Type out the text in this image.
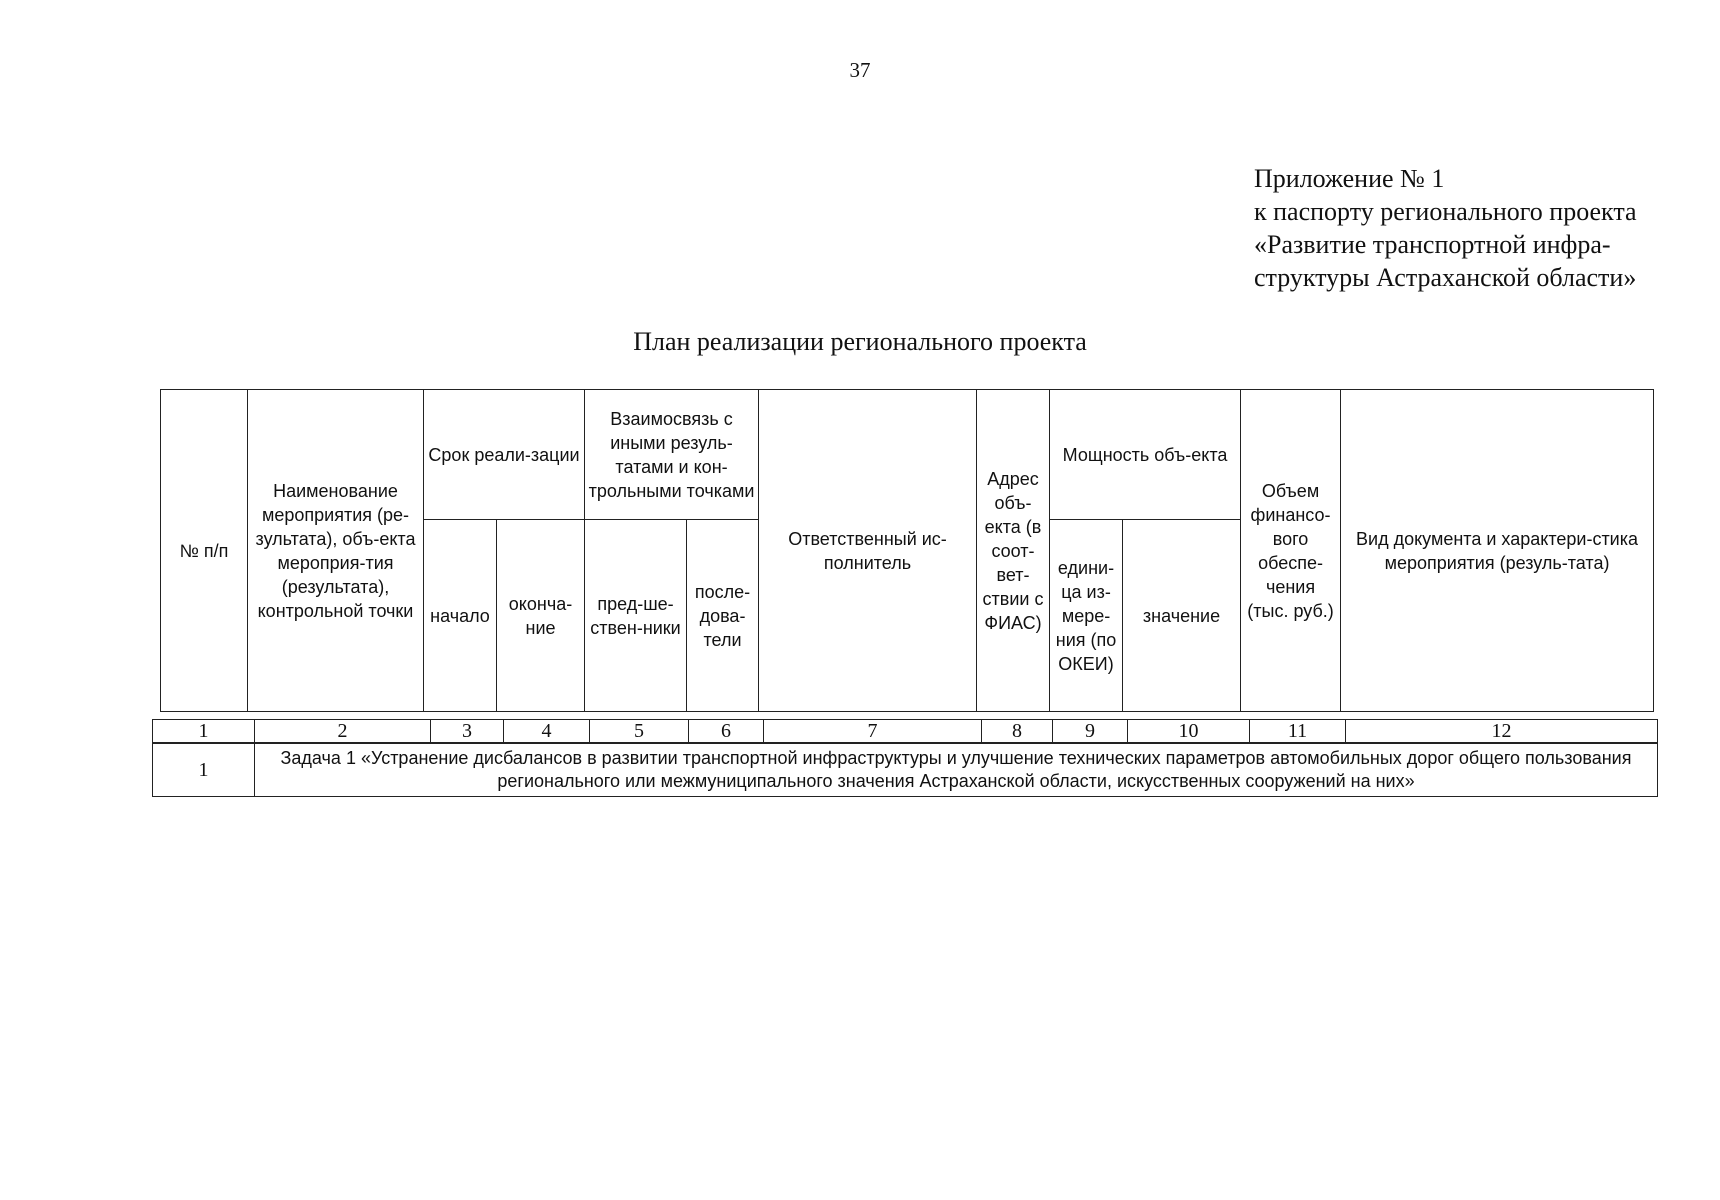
37
Приложение № 1
к паспорту регионального проекта
«Развитие транспортной инфра-
структуры Астраханской области»
План реализации регионального проекта
№ п/п	Наименование мероприятия (ре-зультата), объ-екта мероприя-тия (результата), контрольной точки	Срок реали-зации		Взаимосвязь с иными резуль-татами и кон-трольными точками		Ответственный ис-полнитель	Адрес объ-екта (в соот-вет-ствии с ФИАС)	Мощность объ-екта		Объем финансо-вого обеспе-чения (тыс. руб.)	Вид документа и характери-стика мероприятия (резуль-тата)
		начало	оконча-ние	пред-ше-ствен-ники	после-дова-тели			едини-ца из-мере-ния (по ОКЕИ)	значение		
1	2	3	4	5	6	7	8	9	10	11	12
1	Задача 1 «Устранение дисбалансов в развитии транспортной инфраструктуры и улучшение технических параметров автомобильных дорог общего пользования регионального или межмуниципального значения Астраханской области, искусственных сооружений на них»
